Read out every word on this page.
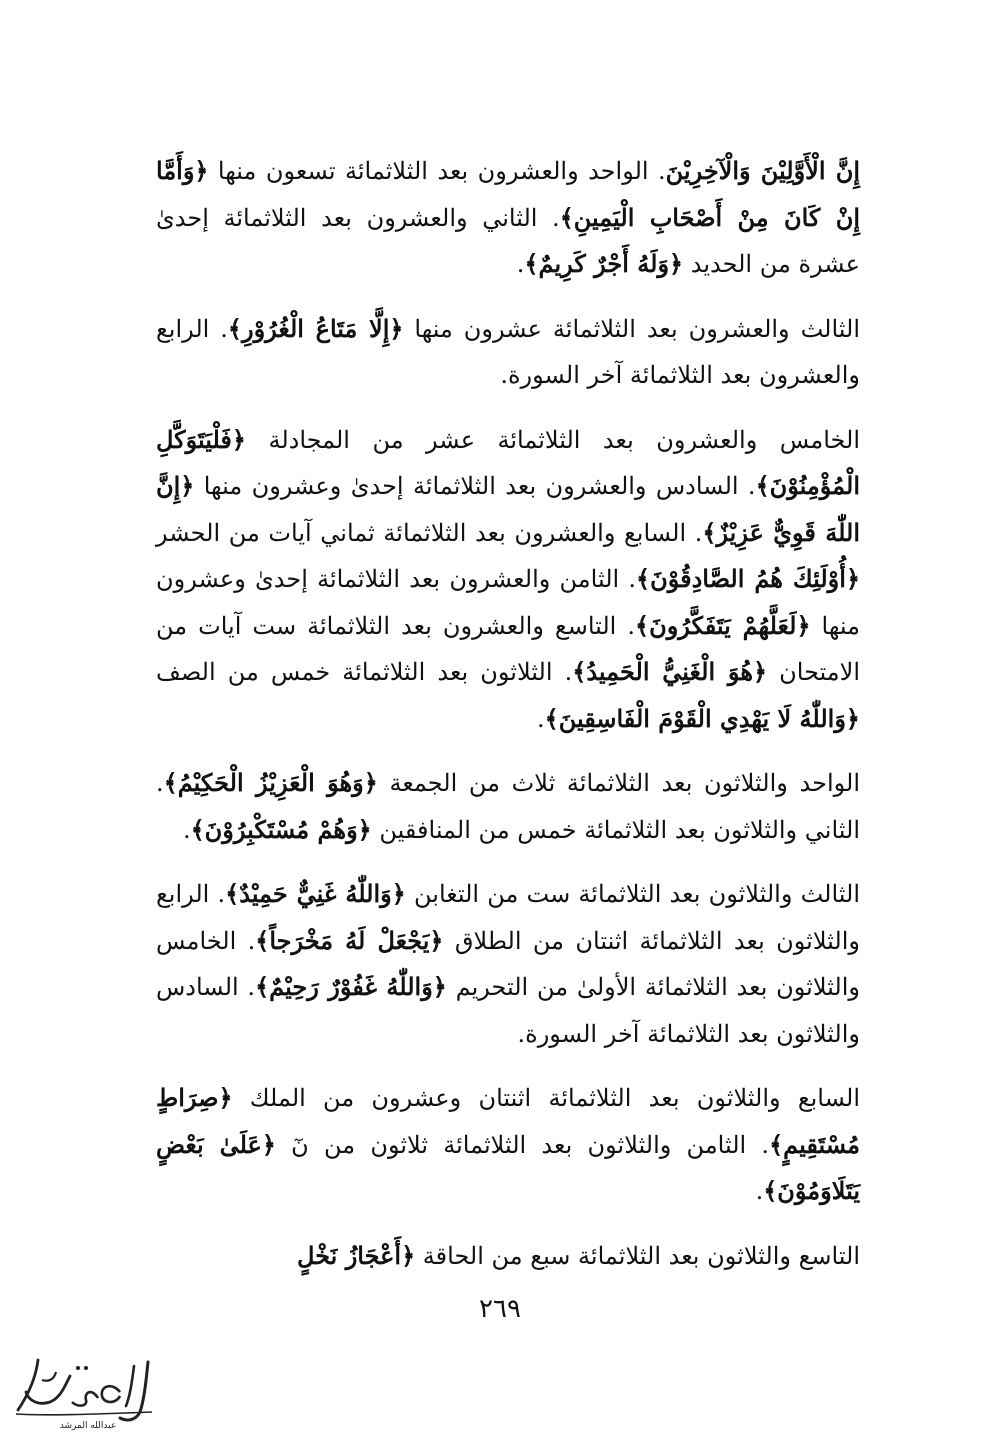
إِنَّ الْأَوَّلِيْنَ وَالْآخِرِيْنَ. الواحد والعشرون بعد الثلاثمائة تسعون منها ﴿وَأَمَّا إِنْ كَانَ مِنْ أَصْحَابِ الْيَمِينِ﴾. الثاني والعشرون بعد الثلاثمائة إحدىٰ عشرة من الحديد ﴿وَلَهُ أَجْرٌ كَرِيمٌ﴾.

الثالث والعشرون بعد الثلاثمائة عشرون منها ﴿إِلَّا مَتَاعُ الْغُرُوْرِ﴾. الرابع والعشرون بعد الثلاثمائة آخر السورة.

الخامس والعشرون بعد الثلاثمائة عشر من المجادلة ﴿فَلْيَتَوَكَّلِ الْمُؤْمِنُوْنَ﴾. السادس والعشرون بعد الثلاثمائة إحدىٰ وعشرون منها ﴿إِنَّ اللّٰهَ قَوِيٌّ عَزِيْزٌ﴾. السابع والعشرون بعد الثلاثمائة ثماني آيات من الحشر ﴿أُوْلَئِكَ هُمُ الصَّادِقُوْنَ﴾. الثامن والعشرون بعد الثلاثمائة إحدىٰ وعشرون منها ﴿لَعَلَّهُمْ يَتَفَكَّرُونَ﴾. التاسع والعشرون بعد الثلاثمائة ست آيات من الامتحان ﴿هُوَ الْغَنِيُّ الْحَمِيدُ﴾. الثلاثون بعد الثلاثمائة خمس من الصف ﴿وَاللّٰهُ لَا يَهْدِي الْقَوْمَ الْفَاسِقِينَ﴾.

الواحد والثلاثون بعد الثلاثمائة ثلاث من الجمعة ﴿وَهُوَ الْعَزِيْزُ الْحَكِيْمُ﴾. الثاني والثلاثون بعد الثلاثمائة خمس من المنافقين ﴿وَهُمْ مُسْتَكْبِرُوْنَ﴾.

الثالث والثلاثون بعد الثلاثمائة ست من التغابن ﴿وَاللّٰهُ غَنِيٌّ حَمِيْدٌ﴾. الرابع والثلاثون بعد الثلاثمائة اثنتان من الطلاق ﴿يَجْعَلْ لَهُ مَخْرَجاً﴾. الخامس والثلاثون بعد الثلاثمائة الأولىٰ من التحريم ﴿وَاللّٰهُ غَفُوْرٌ رَحِيْمٌ﴾. السادس والثلاثون بعد الثلاثمائة آخر السورة.

السابع والثلاثون بعد الثلاثمائة اثنتان وعشرون من الملك ﴿صِرَاطٍ مُسْتَقِيمٍ﴾. الثامن والثلاثون بعد الثلاثمائة ثلاثون من نٓ ﴿عَلَىٰ بَعْضٍ يَتَلَاوَمُوْنَ﴾.

التاسع والثلاثون بعد الثلاثمائة سبع من الحاقة ﴿أَعْجَازُ نَخْلٍ

٢٦٩
عبدالله المرشد
